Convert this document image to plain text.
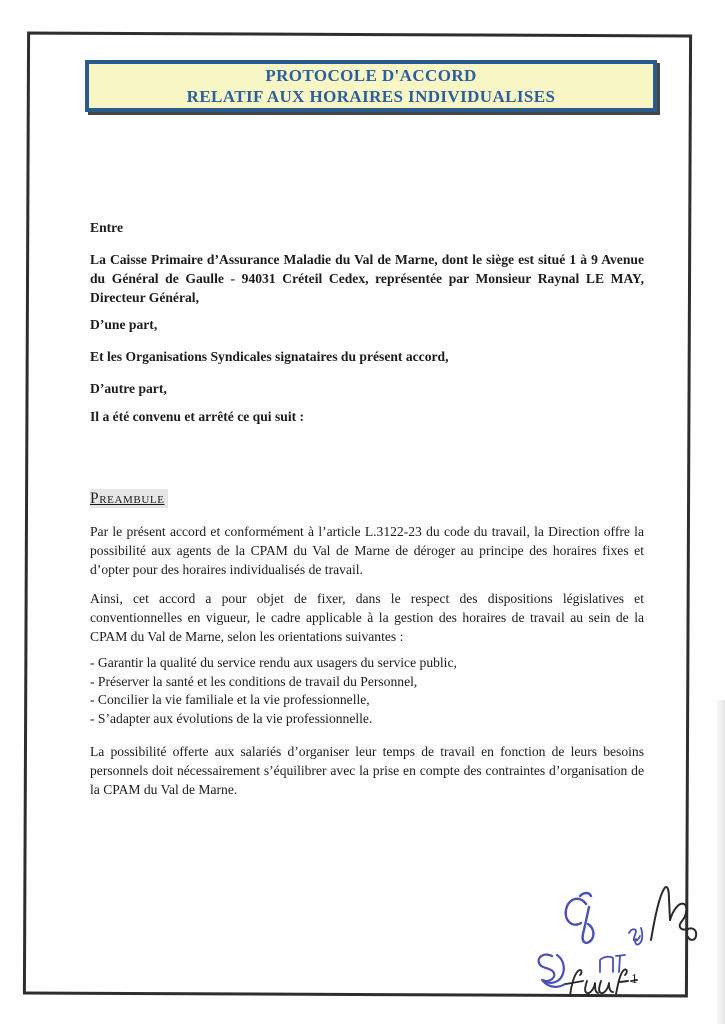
PROTOCOLE D'ACCORD
RELATIF AUX HORAIRES INDIVIDUALISES

Entre

La Caisse Primaire d’Assurance Maladie du Val de Marne, dont le siège est situé 1 à 9 Avenue du Général de Gaulle - 94031 Créteil Cedex, représentée par Monsieur Raynal LE MAY, Directeur Général,

D’une part,

Et les Organisations Syndicales signataires du présent accord,

D’autre part,

Il a été convenu et arrêté ce qui suit :

Preambule

Par le présent accord et conformément à l’article L.3122-23 du code du travail, la Direction offre la possibilité aux agents de la CPAM du Val de Marne de déroger au principe des horaires fixes et d’opter pour des horaires individualisés de travail.

Ainsi, cet accord a pour objet de fixer, dans le respect des dispositions législatives et conventionnelles en vigueur, le cadre applicable à la gestion des horaires de travail au sein de la CPAM du Val de Marne, selon les orientations suivantes :

- Garantir la qualité du service rendu aux usagers du service public,
- Préserver la santé et les conditions de travail du Personnel,
- Concilier la vie familiale et la vie professionnelle,
- S’adapter aux évolutions de la vie professionnelle.

La possibilité offerte aux salariés d’organiser leur temps de travail en fonction de leurs besoins personnels doit nécessairement s’équilibrer avec la prise en compte des contraintes d’organisation de la CPAM du Val de Marne.

1
